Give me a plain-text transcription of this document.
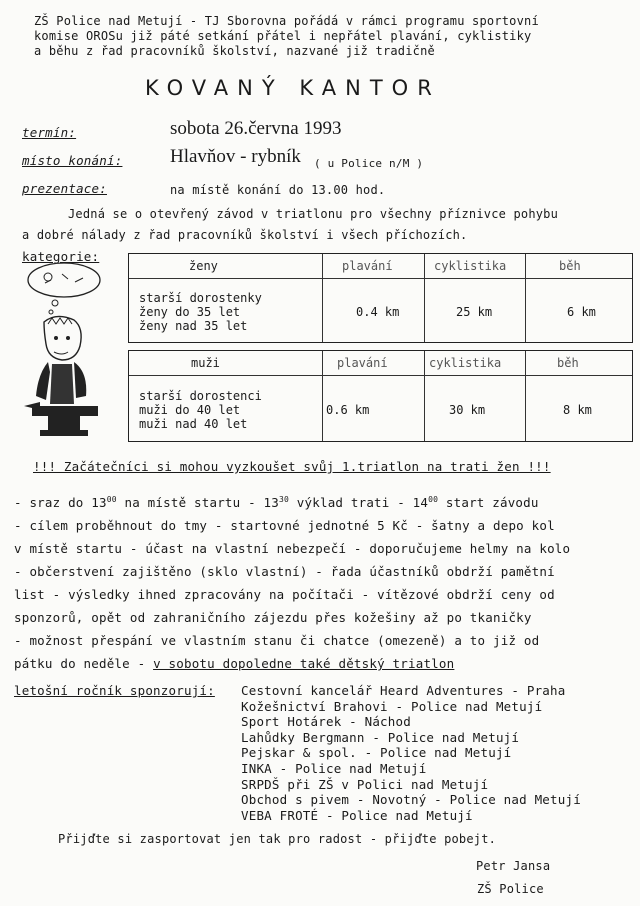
ZŠ Police nad Metují - TJ Sborovna pořádá v rámci programu sportovní
komise OROSu již páté setkání přátel i nepřátel plavání, cyklistiky
a běhu z řad pracovníků školství, nazvané již tradičně
KOVANÝ KANTOR
termín:	sobota 26.června 1993
místo konání:	Hlavňov - rybník ( u Police n/M )
prezentace:	na místě konání do 13.00 hod.
Jedná se o otevřený závod v triatlonu pro všechny příznivce pohybu
a dobré nálady z řad pracovníků školství i všech příchozích.
kategorie:
ženy	plavání	cyklistika	běh
starší dorostenky
ženy do 35 let
ženy nad 35 let
0.4 km	25 km	6 km
muži	plavání	cyklistika	běh
starší dorostenci
muži do 40 let
muži nad 40 let
0.6 km	30 km	8 km
!!! Začátečníci si mohou vyzkoušet svůj 1.triatlon na trati žen !!!
- sraz do $13^{00}$ na místě startu - $13^{30}$ výklad trati - $14^{00}$ start závodu
- cílem proběhnout do tmy - startovné jednotné 5 Kč - šatny a depo kol
v místě startu - účast na vlastní nebezpečí - doporučujeme helmy na kolo
- občerstvení zajištěno (sklo vlastní) - řada účastníků obdrží pamětní
list - výsledky ihned zpracovány na počítači - vítězové obdrží ceny od
sponzorů, opět od zahraničního zájezdu přes kožešiny až po tkaničky
- možnost přespání ve vlastním stanu či chatce (omezeně) a to již od
pátku do neděle - v sobotu dopoledne také dětský triatlon
letošní ročník sponzorují: Cestovní kancelář Heard Adventures - Praha
Kožešnictví Brahovi - Police nad Metují
Sport Hotárek - Náchod
Lahůdky Bergmann - Police nad Metují
Pejskar & spol. - Police nad Metují
INKA - Police nad Metují
SRPDŠ při ZŠ v Polici nad Metují
Obchod s pivem - Novotný - Police nad Metují
VEBA FROTÉ - Police nad Metují
Přijďte si zasportovat jen tak pro radost - přijďte pobejt.
Petr Jansa
ZŠ Police
